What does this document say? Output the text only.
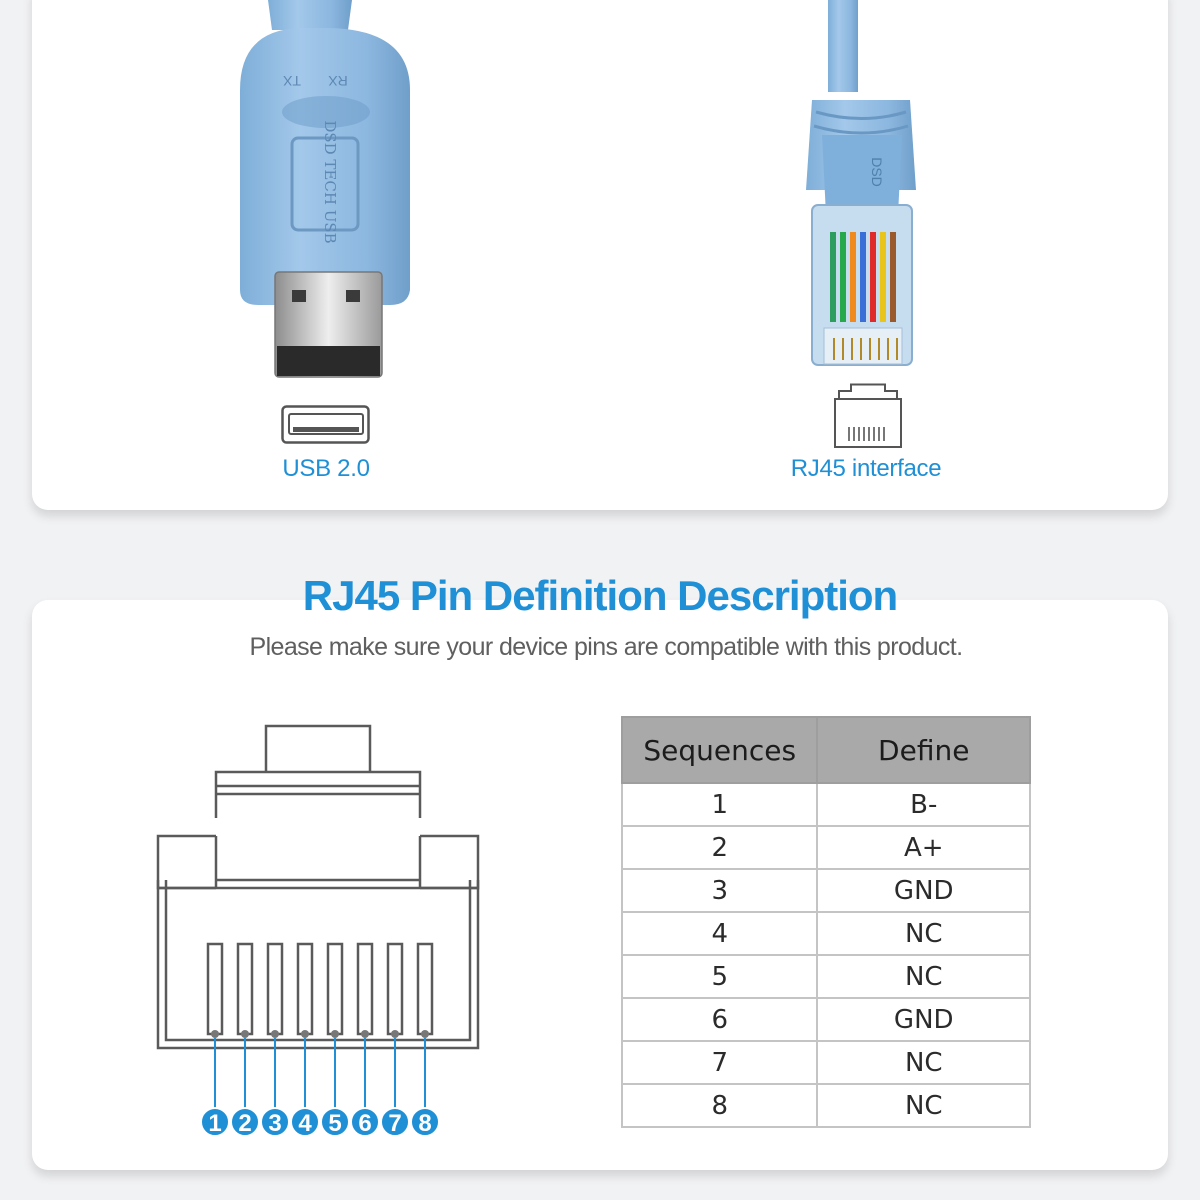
DSD TECH USB
TX RX
DSD
USB 2.0	RJ45 interface
RJ45 Pin Definition Description
Please make sure your device pins are compatible with this product.
1 2 3 4 5 6 7 8
Sequences	Define
1	B-
2	A+
3	GND
4	NC
5	NC
6	GND
7	NC
8	NC
